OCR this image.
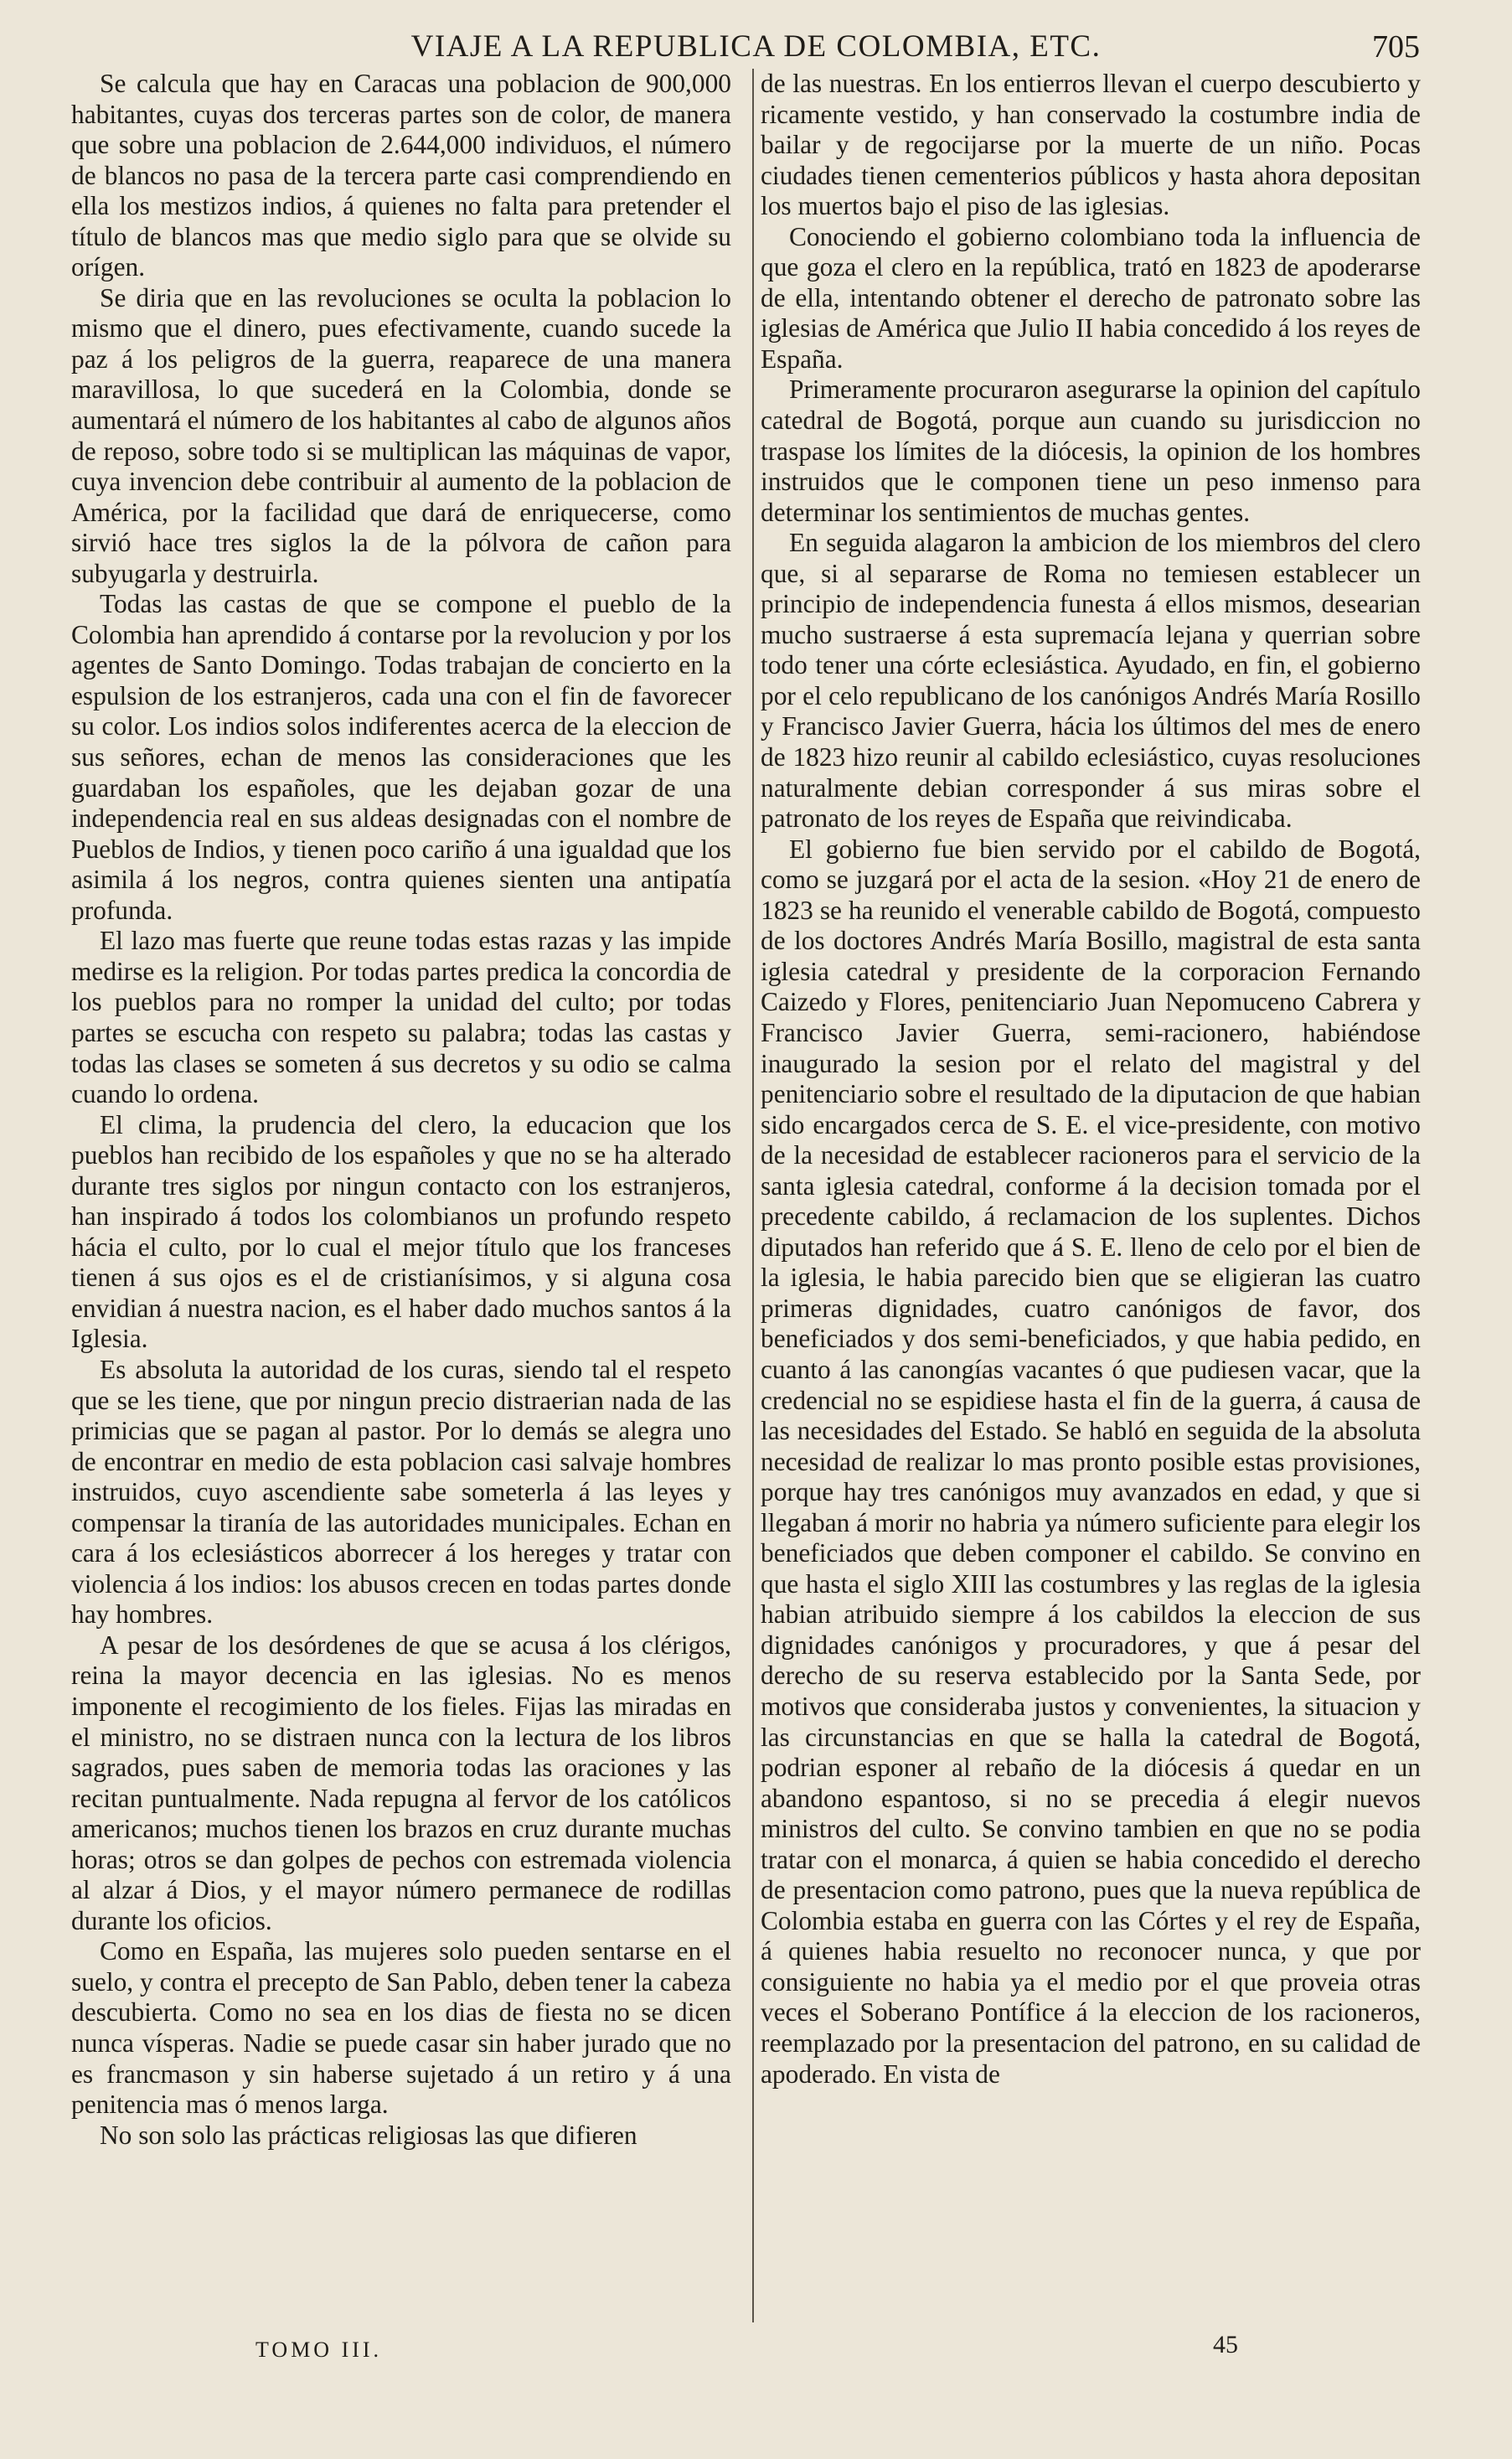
VIAJE A LA REPUBLICA DE COLOMBIA, ETC.	705

Se calcula que hay en Caracas una poblacion de 900,000 habitantes, cuyas dos terceras partes son de color, de manera que sobre una poblacion de 2.644,000 individuos, el número de blancos no pasa de la tercera parte casi comprendiendo en ella los mestizos indios, á quienes no falta para pretender el título de blancos mas que medio siglo para que se olvide su orígen.

Se diria que en las revoluciones se oculta la poblacion lo mismo que el dinero, pues efectivamente, cuando sucede la paz á los peligros de la guerra, reaparece de una manera maravillosa, lo que sucederá en la Colombia, donde se aumentará el número de los habitantes al cabo de algunos años de reposo, sobre todo si se multiplican las máquinas de vapor, cuya invencion debe contribuir al aumento de la poblacion de América, por la facilidad que dará de enriquecerse, como sirvió hace tres siglos la de la pólvora de cañon para subyugarla y destruirla.

Todas las castas de que se compone el pueblo de la Colombia han aprendido á contarse por la revolucion y por los agentes de Santo Domingo. Todas trabajan de concierto en la espulsion de los estranjeros, cada una con el fin de favorecer su color. Los indios solos indiferentes acerca de la eleccion de sus señores, echan de menos las consideraciones que les guardaban los españoles, que les dejaban gozar de una independencia real en sus aldeas designadas con el nombre de Pueblos de Indios, y tienen poco cariño á una igualdad que los asimila á los negros, contra quienes sienten una antipatía profunda.

El lazo mas fuerte que reune todas estas razas y las impide medirse es la religion. Por todas partes predica la concordia de los pueblos para no romper la unidad del culto; por todas partes se escucha con respeto su palabra; todas las castas y todas las clases se someten á sus decretos y su odio se calma cuando lo ordena.

El clima, la prudencia del clero, la educacion que los pueblos han recibido de los españoles y que no se ha alterado durante tres siglos por ningun contacto con los estranjeros, han inspirado á todos los colombianos un profundo respeto hácia el culto, por lo cual el mejor título que los franceses tienen á sus ojos es el de cristianísimos, y si alguna cosa envidian á nuestra nacion, es el haber dado muchos santos á la Iglesia.

Es absoluta la autoridad de los curas, siendo tal el respeto que se les tiene, que por ningun precio distraerian nada de las primicias que se pagan al pastor. Por lo demás se alegra uno de encontrar en medio de esta poblacion casi salvaje hombres instruidos, cuyo ascendiente sabe someterla á las leyes y compensar la tiranía de las autoridades municipales. Echan en cara á los eclesiásticos aborrecer á los hereges y tratar con violencia á los indios: los abusos crecen en todas partes donde hay hombres.

A pesar de los desórdenes de que se acusa á los clérigos, reina la mayor decencia en las iglesias. No es menos imponente el recogimiento de los fieles. Fijas las miradas en el ministro, no se distraen nunca con la lectura de los libros sagrados, pues saben de memoria todas las oraciones y las recitan puntualmente. Nada repugna al fervor de los católicos americanos; muchos tienen los brazos en cruz durante muchas horas; otros se dan golpes de pechos con estremada violencia al alzar á Dios, y el mayor número permanece de rodillas durante los oficios.

Como en España, las mujeres solo pueden sentarse en el suelo, y contra el precepto de San Pablo, deben tener la cabeza descubierta. Como no sea en los dias de fiesta no se dicen nunca vísperas. Nadie se puede casar sin haber jurado que no es francmason y sin haberse sujetado á un retiro y á una penitencia mas ó menos larga.

No son solo las prácticas religiosas las que difieren

de las nuestras. En los entierros llevan el cuerpo descubierto y ricamente vestido, y han conservado la costumbre india de bailar y de regocijarse por la muerte de un niño. Pocas ciudades tienen cementerios públicos y hasta ahora depositan los muertos bajo el piso de las iglesias.

Conociendo el gobierno colombiano toda la influencia de que goza el clero en la república, trató en 1823 de apoderarse de ella, intentando obtener el derecho de patronato sobre las iglesias de América que Julio II habia concedido á los reyes de España.

Primeramente procuraron asegurarse la opinion del capítulo catedral de Bogotá, porque aun cuando su jurisdiccion no traspase los límites de la diócesis, la opinion de los hombres instruidos que le componen tiene un peso inmenso para determinar los sentimientos de muchas gentes.

En seguida alagaron la ambicion de los miembros del clero que, si al separarse de Roma no temiesen establecer un principio de independencia funesta á ellos mismos, desearian mucho sustraerse á esta supremacía lejana y querrian sobre todo tener una córte eclesiástica. Ayudado, en fin, el gobierno por el celo republicano de los canónigos Andrés María Rosillo y Francisco Javier Guerra, hácia los últimos del mes de enero de 1823 hizo reunir al cabildo eclesiástico, cuyas resoluciones naturalmente debian corresponder á sus miras sobre el patronato de los reyes de España que reivindicaba.

El gobierno fue bien servido por el cabildo de Bogotá, como se juzgará por el acta de la sesion. «Hoy 21 de enero de 1823 se ha reunido el venerable cabildo de Bogotá, compuesto de los doctores Andrés María Bosillo, magistral de esta santa iglesia catedral y presidente de la corporacion Fernando Caizedo y Flores, penitenciario Juan Nepomuceno Cabrera y Francisco Javier Guerra, semi-racionero, habiéndose inaugurado la sesion por el relato del magistral y del penitenciario sobre el resultado de la diputacion de que habian sido encargados cerca de S. E. el vice-presidente, con motivo de la necesidad de establecer racioneros para el servicio de la santa iglesia catedral, conforme á la decision tomada por el precedente cabildo, á reclamacion de los suplentes. Dichos diputados han referido que á S. E. lleno de celo por el bien de la iglesia, le habia parecido bien que se eligieran las cuatro primeras dignidades, cuatro canónigos de favor, dos beneficiados y dos semi-beneficiados, y que habia pedido, en cuanto á las canongías vacantes ó que pudiesen vacar, que la credencial no se espidiese hasta el fin de la guerra, á causa de las necesidades del Estado. Se habló en seguida de la absoluta necesidad de realizar lo mas pronto posible estas provisiones, porque hay tres canónigos muy avanzados en edad, y que si llegaban á morir no habria ya número suficiente para elegir los beneficiados que deben componer el cabildo. Se convino en que hasta el siglo XIII las costumbres y las reglas de la iglesia habian atribuido siempre á los cabildos la eleccion de sus dignidades canónigos y procuradores, y que á pesar del derecho de su reserva establecido por la Santa Sede, por motivos que consideraba justos y convenientes, la situacion y las circunstancias en que se halla la catedral de Bogotá, podrian esponer al rebaño de la diócesis á quedar en un abandono espantoso, si no se precedia á elegir nuevos ministros del culto. Se convino tambien en que no se podia tratar con el monarca, á quien se habia concedido el derecho de presentacion como patrono, pues que la nueva república de Colombia estaba en guerra con las Córtes y el rey de España, á quienes habia resuelto no reconocer nunca, y que por consiguiente no habia ya el medio por el que proveia otras veces el Soberano Pontífice á la eleccion de los racioneros, reemplazado por la presentacion del patrono, en su calidad de apoderado. En vista de

TOMO III.	45
